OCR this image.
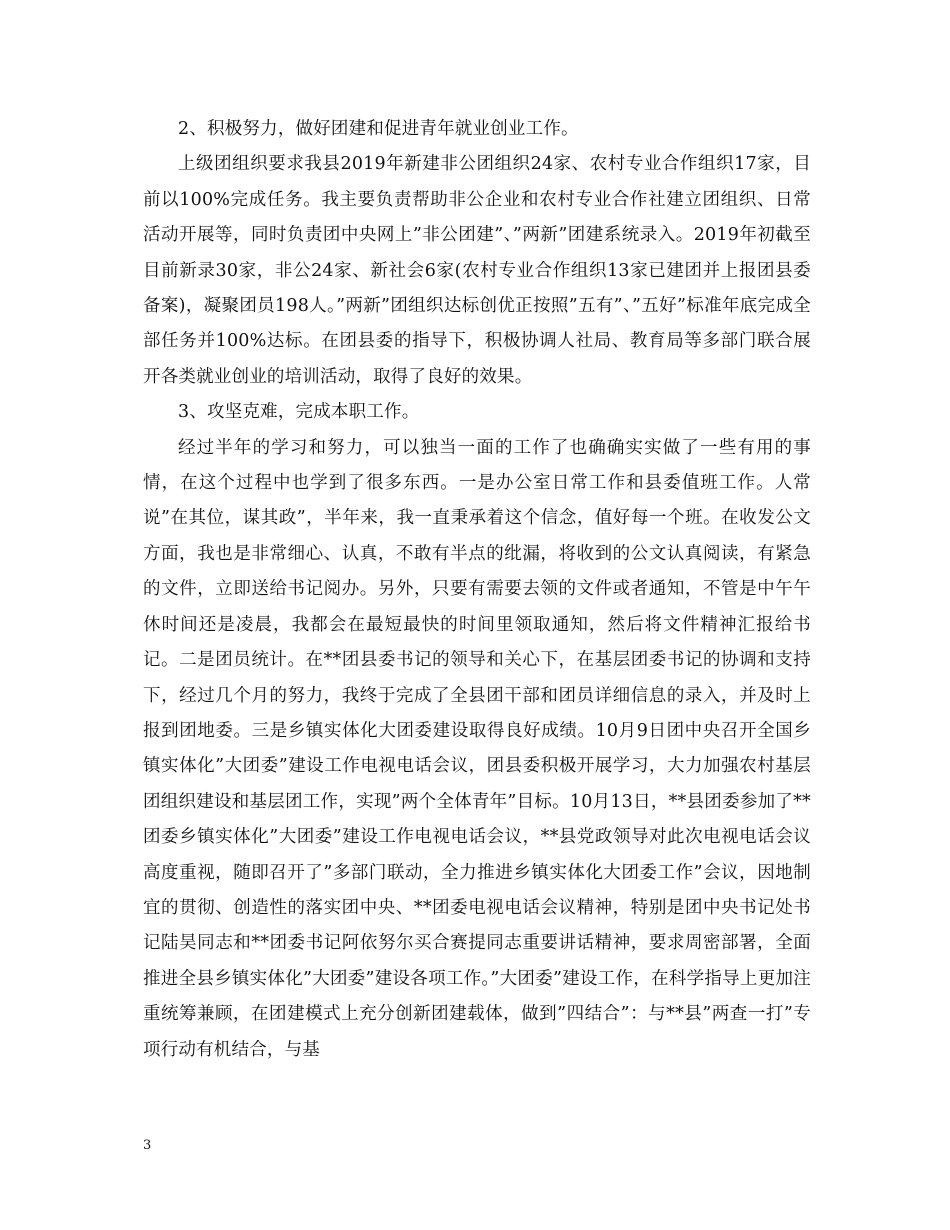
2、积极努力，做好团建和促进青年就业创业工作。

上级团组织要求我县2019年新建非公团组织24家、农村专业合作组织17家，目前以100%完成任务。我主要负责帮助非公企业和农村专业合作社建立团组织、日常活动开展等，同时负责团中央网上”非公团建”、”两新”团建系统录入。2019年初截至目前新录30家，非公24家、新社会6家(农村专业合作组织13家已建团并上报团县委备案)，凝聚团员198人。”两新”团组织达标创优正按照”五有”、”五好”标准年底完成全部任务并100%达标。在团县委的指导下，积极协调人社局、教育局等多部门联合展开各类就业创业的培训活动，取得了良好的效果。

3、攻坚克难，完成本职工作。

经过半年的学习和努力，可以独当一面的工作了也确确实实做了一些有用的事情，在这个过程中也学到了很多东西。一是办公室日常工作和县委值班工作。人常说”在其位，谋其政”，半年来，我一直秉承着这个信念，值好每一个班。在收发公文方面，我也是非常细心、认真，不敢有半点的纰漏，将收到的公文认真阅读，有紧急的文件，立即送给书记阅办。另外，只要有需要去领的文件或者通知，不管是中午午休时间还是凌晨，我都会在最短最快的时间里领取通知，然后将文件精神汇报给书记。二是团员统计。在**团县委书记的领导和关心下，在基层团委书记的协调和支持下，经过几个月的努力，我终于完成了全县团干部和团员详细信息的录入，并及时上报到团地委。三是乡镇实体化大团委建设取得良好成绩。10月9日团中央召开全国乡镇实体化”大团委”建设工作电视电话会议，团县委积极开展学习，大力加强农村基层团组织建设和基层团工作，实现”两个全体青年”目标。10月13日，**县团委参加了**团委乡镇实体化”大团委”建设工作电视电话会议，**县党政领导对此次电视电话会议高度重视，随即召开了”多部门联动，全力推进乡镇实体化大团委工作”会议，因地制宜的贯彻、创造性的落实团中央、**团委电视电话会议精神，特别是团中央书记处书记陆昊同志和**团委书记阿依努尔买合赛提同志重要讲话精神，要求周密部署，全面推进全县乡镇实体化”大团委”建设各项工作。”大团委”建设工作，在科学指导上更加注重统筹兼顾，在团建模式上充分创新团建载体，做到”四结合”：与**县”两查一打”专项行动有机结合，与基

3
